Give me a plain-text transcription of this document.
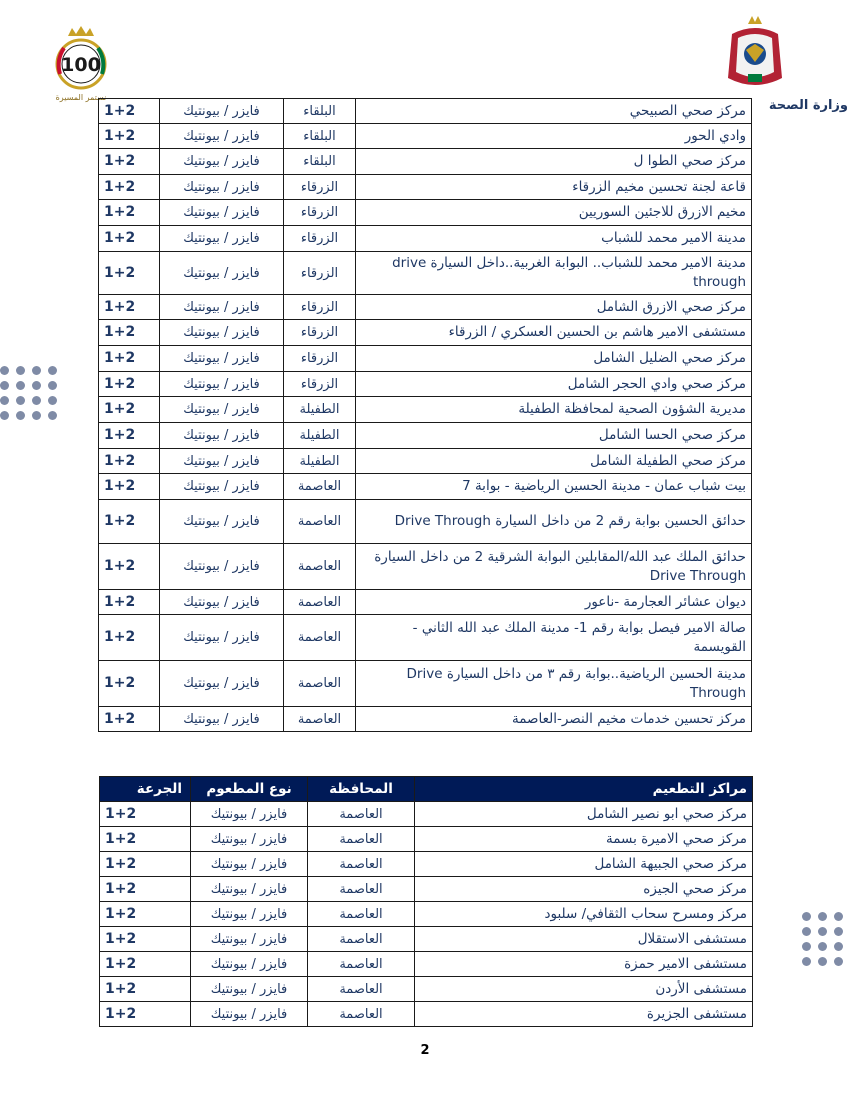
100
نستمر المسيرة
وزارة الصحة
مركز صحي الصبيحي	البلقاء	فايزر / بيونتيك	1+2
وادي الحور	البلقاء	فايزر / بيونتيك	1+2
مركز صحي الطوا ل	البلقاء	فايزر / بيونتيك	1+2
قاعة لجنة تحسين مخيم الزرقاء	الزرقاء	فايزر / بيونتيك	1+2
مخيم الازرق للاجئين السوريين	الزرقاء	فايزر / بيونتيك	1+2
مدينة الامير محمد للشباب	الزرقاء	فايزر / بيونتيك	1+2
مدينة الامير محمد للشباب.. البوابة الغربية..داخل السيارة drive through	الزرقاء	فايزر / بيونتيك	1+2
مركز صحي الازرق الشامل	الزرقاء	فايزر / بيونتيك	1+2
مستشفى الامير هاشم بن الحسين العسكري / الزرقاء	الزرقاء	فايزر / بيونتيك	1+2
مركز صحي الضليل الشامل	الزرقاء	فايزر / بيونتيك	1+2
مركز صحي وادي الحجر الشامل	الزرقاء	فايزر / بيونتيك	1+2
مديرية الشؤون الصحية لمحافظة الطفيلة	الطفيلة	فايزر / بيونتيك	1+2
مركز صحي الحسا الشامل	الطفيلة	فايزر / بيونتيك	1+2
مركز صحي الطفيلة الشامل	الطفيلة	فايزر / بيونتيك	1+2
بيت شباب عمان - مدينة الحسين الرياضية - بوابة 7	العاصمة	فايزر / بيونتيك	1+2
حدائق الحسين بوابة رقم 2 من داخل السيارة Drive Through	العاصمة	فايزر / بيونتيك	1+2
حدائق الملك عبد الله/المقابلين البوابة الشرقية 2 من داخل السيارة Drive Through	العاصمة	فايزر / بيونتيك	1+2
ديوان عشائر العجارمة -ناعور	العاصمة	فايزر / بيونتيك	1+2
صالة الامير فيصل بوابة رقم 1- مدينة الملك عبد الله الثاني - القويسمة	العاصمة	فايزر / بيونتيك	1+2
مدينة الحسين الرياضية..بوابة رقم ٣ من داخل السيارة Drive Through	العاصمة	فايزر / بيونتيك	1+2
مركز تحسين خدمات مخيم النصر-العاصمة	العاصمة	فايزر / بيونتيك	1+2
مراكز التطعيم	المحافظة	نوع المطعوم	الجرعة
مركز صحي ابو نصير الشامل	العاصمة	فايزر / بيونتيك	1+2
مركز صحي الاميرة بسمة	العاصمة	فايزر / بيونتيك	1+2
مركز صحي الجبيهة الشامل	العاصمة	فايزر / بيونتيك	1+2
مركز صحي الجيزه	العاصمة	فايزر / بيونتيك	1+2
مركز ومسرح سحاب الثقافي/ سلبود	العاصمة	فايزر / بيونتيك	1+2
مستشفى الاستقلال	العاصمة	فايزر / بيونتيك	1+2
مستشفى الامير حمزة	العاصمة	فايزر / بيونتيك	1+2
مستشفى الأردن	العاصمة	فايزر / بيونتيك	1+2
مستشفى الجزيرة	العاصمة	فايزر / بيونتيك	1+2
2
